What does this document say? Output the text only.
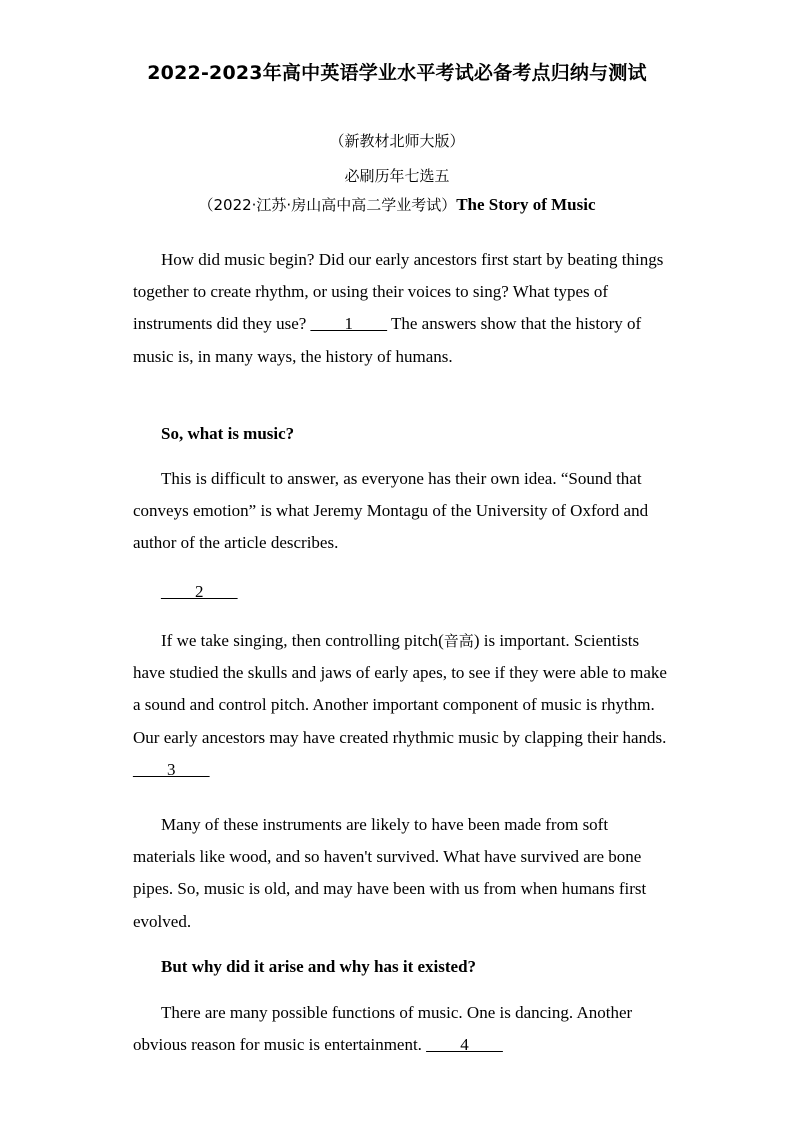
2022-2023年高中英语学业水平考试必备考点归纳与测试
（新教材北师大版）
必刷历年七选五
（2022·江苏·房山高中高二学业考试）The Story of Music

How did music begin? Did our early ancestors first start by beating things together to create rhythm, or using their voices to sing? What types of instruments did they use? ____1____ The answers show that the history of music is, in many ways, the history of humans.

So, what is music?

This is difficult to answer, as everyone has their own idea. “Sound that conveys emotion” is what Jeremy Montagu of the University of Oxford and author of the article describes.

____2____

If we take singing, then controlling pitch(音高) is important. Scientists have studied the skulls and jaws of early apes, to see if they were able to make a sound and control pitch. Another important component of music is rhythm. Our early ancestors may have created rhythmic music by clapping their hands. ____3____

Many of these instruments are likely to have been made from soft materials like wood, and so haven't survived. What have survived are bone pipes. So, music is old, and may have been with us from when humans first evolved.

But why did it arise and why has it existed?

There are many possible functions of music. One is dancing. Another obvious reason for music is entertainment. ____4____
